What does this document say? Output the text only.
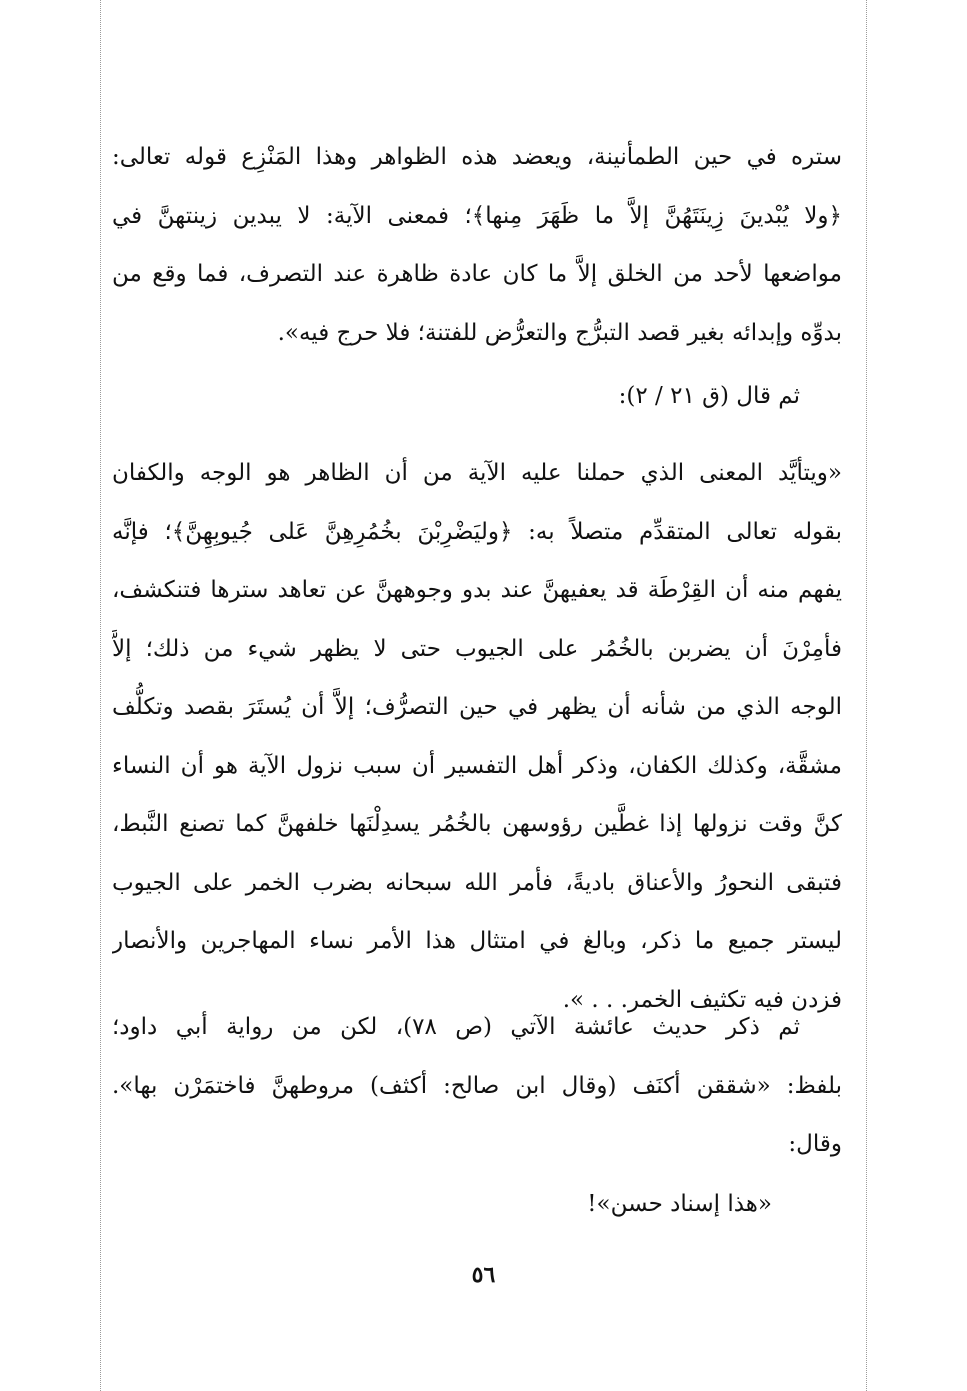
ستره في حين الطمأنينة، ويعضد هذه الظواهر وهذا المَنْزِع قوله تعالى:
﴿ولا يُبْدينَ زِينَتَهُنَّ إلاَّ ما ظَهَرَ مِنها﴾؛ فمعنى الآية: لا يبدين زينتهنَّ في
مواضعها لأحد من الخلق إلاَّ ما كان عادة ظاهرة عند التصرف، فما وقع من
بدوِّه وإبدائه بغير قصد التبرُّج والتعرُّض للفتنة؛ فلا حرج فيه».
ثم قال (ق ٢١ / ٢):
«ويتأيَّد المعنى الذي حملنا عليه الآية من أن الظاهر هو الوجه والكفان
بقوله تعالى المتقدِّم متصلاً به: ﴿وليَضْرِبْنَ بخُمُرِهِنَّ عَلى جُيوبِهِنَّ﴾؛ فإنَّه
يفهم منه أن القِرْطَة قد يعفيهنَّ عند بدو وجوههنَّ عن تعاهد سترها فتنكشف،
فأمِرْنَ أن يضربن بالخُمُر على الجيوب حتى لا يظهر شيء من ذلك؛ إلاَّ
الوجه الذي من شأنه أن يظهر في حين التصرُّف؛ إلاَّ أن يُستَرَ بقصد وتكلُّف
مشقَّة، وكذلك الكفان، وذكر أهل التفسير أن سبب نزول الآية هو أن النساء
كنَّ وقت نزولها إذا غطَّين رؤوسهن بالخُمُر يسدِلْنَها خلفهنَّ كما تصنع النَّبط،
فتبقى النحورُ والأعناق باديةً، فأمر الله سبحانه بضرب الخمر على الجيوب
ليستر جميع ما ذكر، وبالغ في امتثال هذا الأمر نساء المهاجرين والأنصار
فزدن فيه تكثيف الخمر. . . ».
ثم ذكر حديث عائشة الآتي (ص ٧٨)، لكن من رواية أبي داود؛
بلفظ: «شققن أكنَف (وقال ابن صالح: أكثف) مروطهنَّ فاختمَرْن بها».
وقال:
«هذا إسناد حسن»!
٥٦
